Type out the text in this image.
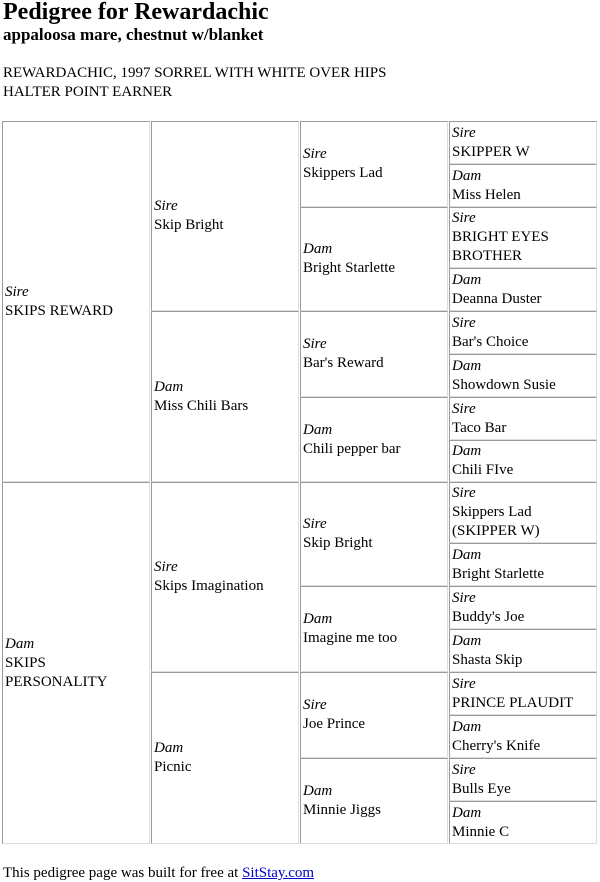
Pedigree for Rewardachic
appaloosa mare, chestnut w/blanket
REWARDACHIC, 1997 SORREL WITH WHITE OVER HIPS
HALTER POINT EARNER
Sire
SKIPS REWARD
Dam
SKIPS PERSONALITY
Sire
Skip Bright
Dam
Miss Chili Bars
Sire
Skips Imagination
Dam
Picnic
Sire
Skippers Lad
Dam
Bright Starlette
Sire
Bar's Reward
Dam
Chili pepper bar
Sire
Skip Bright
Dam
Imagine me too
Sire
Joe Prince
Dam
Minnie Jiggs
Sire
SKIPPER W
Dam
Miss Helen
Sire
BRIGHT EYES BROTHER
Dam
Deanna Duster
Sire
Bar's Choice
Dam
Showdown Susie
Sire
Taco Bar
Dam
Chili FIve
Sire
Skippers Lad (SKIPPER W)
Dam
Bright Starlette
Sire
Buddy's Joe
Dam
Shasta Skip
Sire
PRINCE PLAUDIT
Dam
Cherry's Knife
Sire
Bulls Eye
Dam
Minnie C
This pedigree page was built for free at SitStay.com
